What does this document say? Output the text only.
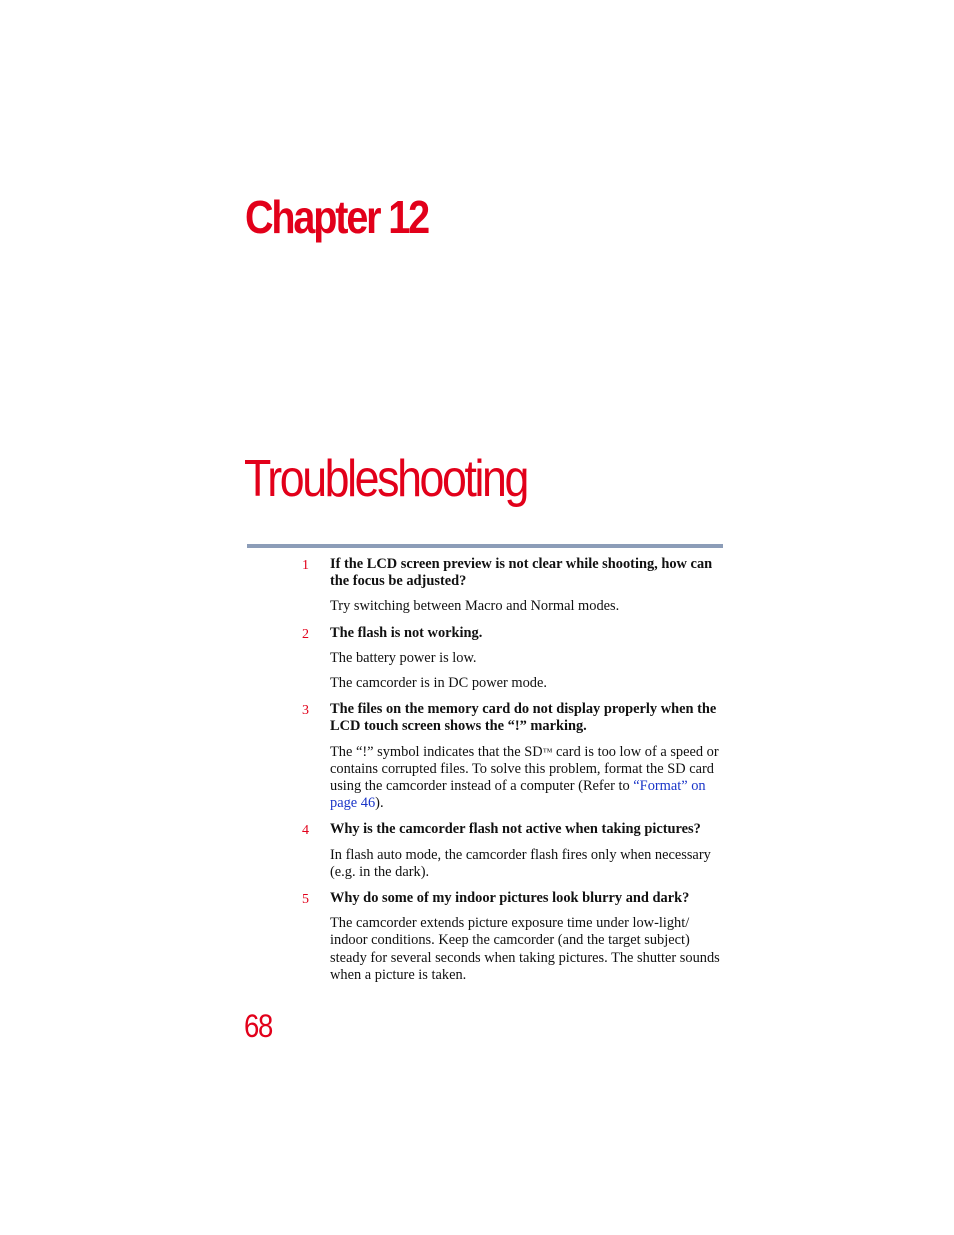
Chapter 12
Troubleshooting
1 If the LCD screen preview is not clear while shooting, how can the focus be adjusted?

Try switching between Macro and Normal modes.

2 The flash is not working.

The battery power is low.

The camcorder is in DC power mode.

3 The files on the memory card do not display properly when the LCD touch screen shows the “!” marking.

The “!” symbol indicates that the SD™ card is too low of a speed or contains corrupted files. To solve this problem, format the SD card using the camcorder instead of a computer (Refer to “Format” on page 46).

4 Why is the camcorder flash not active when taking pictures?

In flash auto mode, the camcorder flash fires only when necessary (e.g. in the dark).

5 Why do some of my indoor pictures look blurry and dark?

The camcorder extends picture exposure time under low-light/ indoor conditions. Keep the camcorder (and the target subject) steady for several seconds when taking pictures. The shutter sounds when a picture is taken.

68
